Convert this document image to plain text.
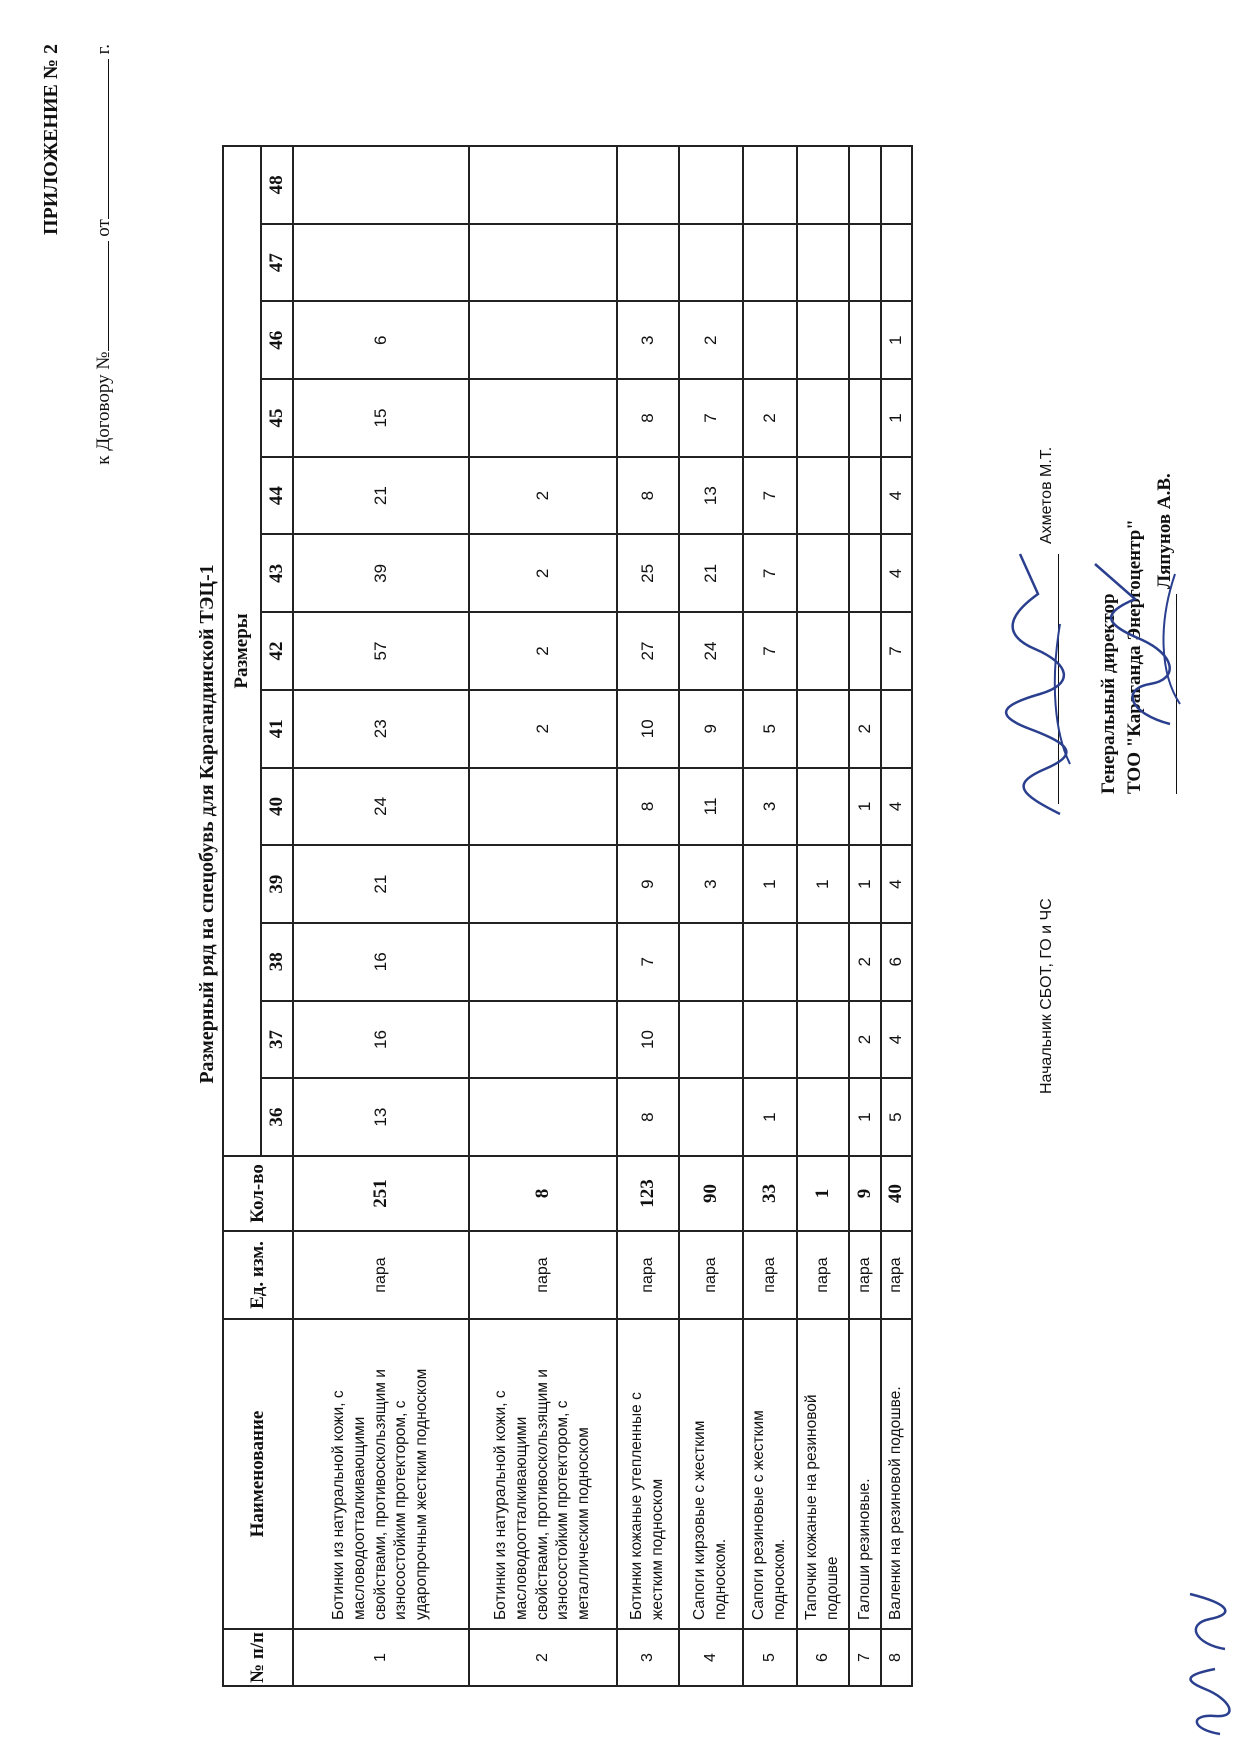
ПРИЛОЖЕНИЕ № 2
к Договору № от г.
Размерный ряд на спецобувь для Карагандинской ТЭЦ-1
№ п/п	Наименование	Ед. изм.	Кол-во	Размеры												
				36	37	38	39	40	41	42	43	44	45	46	47	48
1	Ботинки из натуральной кожи, с масловодоотталкивающими свойствами, противоскользящим и износостойким протектором, с ударопрочным жестким подноском	пара	251	13	16	16	21	24	23	57	39	21	15	6		
2	Ботинки из натуральной кожи, с масловодоотталкивающими свойствами, противоскользящим и износостойким протектором, с металлическим подноском	пара	8						2	2	2	2				
3	Ботинки кожаные утепленные с жестким подноском	пара	123	8	10	7	9	8	10	27	25	8	8	3		
4	Сапоги кирзовые с жестким подноском.	пара	90				3	11	9	24	21	13	7	2		
5	Сапоги резиновые с жестким подноском.	пара	33	1			1	3	5	7	7	7	2			
6	Тапочки кожаные на резиновой подошве	пара	1				1									
7	Галоши резиновые.	пара	9	1	2	2	1	1	2							
8	Валенки на резиновой подошве.	пара	40	5	4	6	4	4		7	4	4	1	1		
Начальник СБОТ, ГО и ЧС
Ахметов М.Т.
Генеральный директор ТОО "Караганда Энергоцентр" Ляпунов А.В.
